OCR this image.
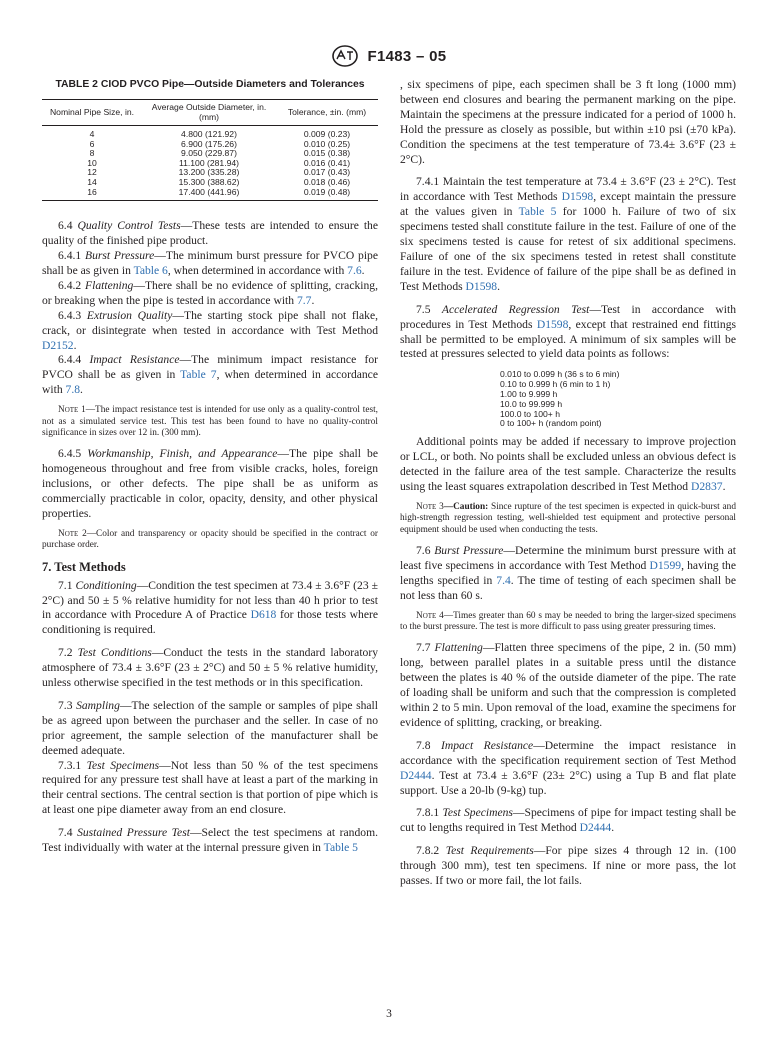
F1483 – 05
TABLE 2 CIOD PVCO Pipe—Outside Diameters and Tolerances
Nominal Pipe Size, in.	Average Outside Diameter, in. (mm)	Tolerance, ±in. (mm)
4	4.800 (121.92)	0.009 (0.23)
6	6.900 (175.26)	0.010 (0.25)
8	9.050 (229.87)	0.015 (0.38)
10	11.100 (281.94)	0.016 (0.41)
12	13.200 (335.28)	0.017 (0.43)
14	15.300 (388.62)	0.018 (0.46)
16	17.400 (441.96)	0.019 (0.48)

6.4 Quality Control Tests—These tests are intended to ensure the quality of the finished pipe product.

6.4.1 Burst Pressure—The minimum burst pressure for PVCO pipe shall be as given in Table 6, when determined in accordance with 7.6.

6.4.2 Flattening—There shall be no evidence of splitting, cracking, or breaking when the pipe is tested in accordance with 7.7.

6.4.3 Extrusion Quality—The starting stock pipe shall not flake, crack, or disintegrate when tested in accordance with Test Method D2152.

6.4.4 Impact Resistance—The minimum impact resistance for PVCO shall be as given in Table 7, when determined in accordance with 7.8.

Note 1—The impact resistance test is intended for use only as a quality-control test, not as a simulated service test. This test has been found to have no quality-control significance in sizes over 12 in. (300 mm).

6.4.5 Workmanship, Finish, and Appearance—The pipe shall be homogeneous throughout and free from visible cracks, holes, foreign inclusions, or other defects. The pipe shall be as uniform as commercially practicable in color, opacity, density, and other physical properties.

Note 2—Color and transparency or opacity should be specified in the contract or purchase order.

7. Test Methods

7.1 Conditioning—Condition the test specimen at 73.4 ± 3.6°F (23 ± 2°C) and 50 ± 5 % relative humidity for not less than 40 h prior to test in accordance with Procedure A of Practice D618 for those tests where conditioning is required.

7.2 Test Conditions—Conduct the tests in the standard laboratory atmosphere of 73.4 ± 3.6°F (23 ± 2°C) and 50 ± 5 % relative humidity, unless otherwise specified in the test methods or in this specification.

7.3 Sampling—The selection of the sample or samples of pipe shall be as agreed upon between the purchaser and the seller. In case of no prior agreement, the sample selection of the manufacturer shall be deemed adequate.

7.3.1 Test Specimens—Not less than 50 % of the test specimens required for any pressure test shall have at least a part of the marking in their central sections. The central section is that portion of pipe which is at least one pipe diameter away from an end closure.

7.4 Sustained Pressure Test—Select the test specimens at random. Test individually with water at the internal pressure given in Table 5

, six specimens of pipe, each specimen shall be 3 ft long (1000 mm) between end closures and bearing the permanent marking on the pipe. Maintain the specimens at the pressure indicated for a period of 1000 h. Hold the pressure as closely as possible, but within ±10 psi (±70 kPa). Condition the specimens at the test temperature of 73.4± 3.6°F (23 ± 2°C).

7.4.1 Maintain the test temperature at 73.4 ± 3.6°F (23 ± 2°C). Test in accordance with Test Methods D1598, except maintain the pressure at the values given in Table 5 for 1000 h. Failure of two of six specimens tested shall constitute failure in the test. Failure of one of the six specimens tested is cause for retest of six additional specimens. Failure of one of the six specimens tested in retest shall constitute failure in the test. Evidence of failure of the pipe shall be as defined in Test Methods D1598.

7.5 Accelerated Regression Test—Test in accordance with procedures in Test Methods D1598, except that restrained end fittings shall be permitted to be employed. A minimum of six samples will be tested at pressures selected to yield data points as follows:

0.010 to 0.099 h (36 s to 6 min)
0.10 to 0.999 h (6 min to 1 h)
1.00 to 9.999 h
10.0 to 99.999 h
100.0 to 100+ h
0 to 100+ h (random point)

Additional points may be added if necessary to improve projection or LCL, or both. No points shall be excluded unless an obvious defect is detected in the failure area of the test sample. Characterize the results using the least squares extrapolation described in Test Method D2837.

Note 3—Caution: Since rupture of the test specimen is expected in quick-burst and high-strength regression testing, well-shielded test equipment and protective personal equipment should be used when conducting the tests.

7.6 Burst Pressure—Determine the minimum burst pressure with at least five specimens in accordance with Test Method D1599, having the lengths specified in 7.4. The time of testing of each specimen shall be not less than 60 s.

Note 4—Times greater than 60 s may be needed to bring the larger-sized specimens to the burst pressure. The test is more difficult to pass using greater pressuring times.

7.7 Flattening—Flatten three specimens of the pipe, 2 in. (50 mm) long, between parallel plates in a suitable press until the distance between the plates is 40 % of the outside diameter of the pipe. The rate of loading shall be uniform and such that the compression is completed within 2 to 5 min. Upon removal of the load, examine the specimens for evidence of splitting, cracking, or breaking.

7.8 Impact Resistance—Determine the impact resistance in accordance with the specification requirement section of Test Method D2444. Test at 73.4 ± 3.6°F (23± 2°C) using a Tup B and flat plate support. Use a 20-lb (9-kg) tup.

7.8.1 Test Specimens—Specimens of pipe for impact testing shall be cut to lengths required in Test Method D2444.

7.8.2 Test Requirements—For pipe sizes 4 through 12 in. (100 through 300 mm), test ten specimens. If nine or more pass, the lot passes. If two or more fail, the lot fails.

3
